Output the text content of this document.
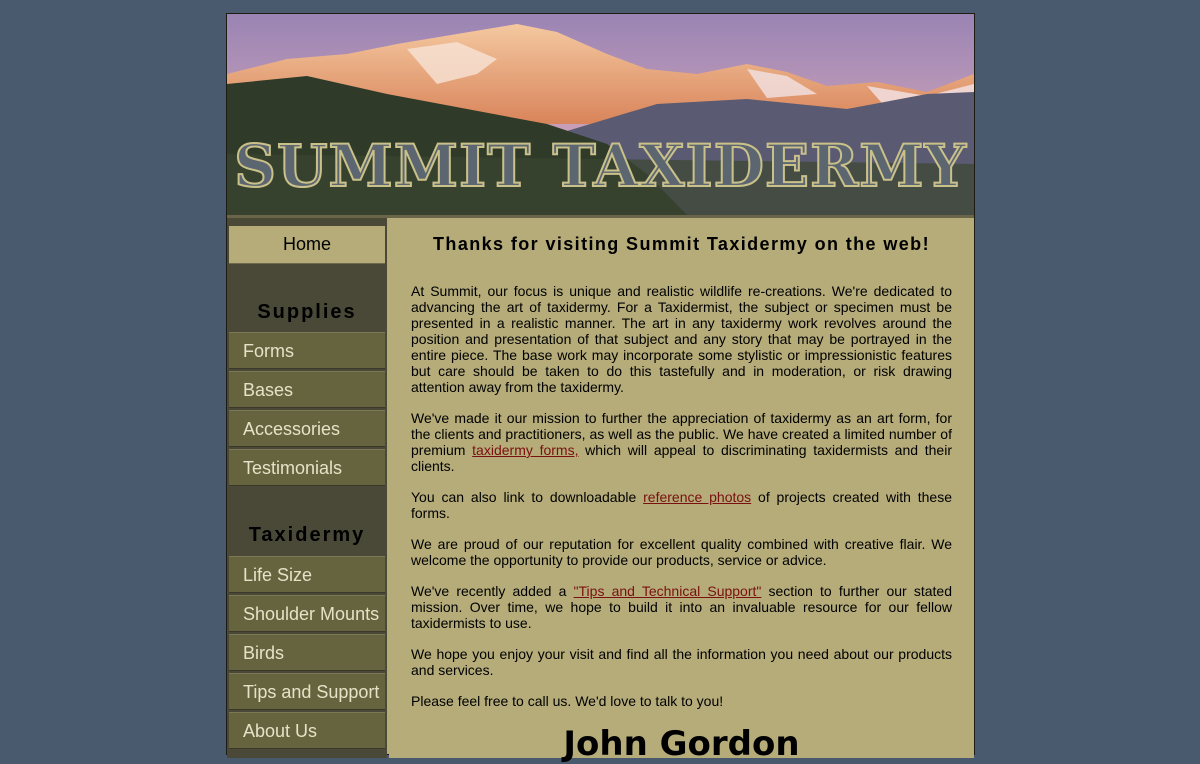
SUMMIT TAXIDERMY
Home
Supplies
Forms
Bases
Accessories
Testimonials
Taxidermy
Life Size
Shoulder Mounts
Birds
Tips and Support
About Us
Thanks for visiting Summit Taxidermy on the web!

At Summit, our focus is unique and realistic wildlife re-creations. We're dedicated to advancing the art of taxidermy. For a Taxidermist, the subject or specimen must be presented in a realistic manner. The art in any taxidermy work revolves around the position and presentation of that subject and any story that may be portrayed in the entire piece. The base work may incorporate some stylistic or impressionistic features but care should be taken to do this tastefully and in moderation, or risk drawing attention away from the taxidermy.

We've made it our mission to further the appreciation of taxidermy as an art form, for the clients and practitioners, as well as the public. We have created a limited number of premium taxidermy forms, which will appeal to discriminating taxidermists and their clients.

You can also link to downloadable reference photos of projects created with these forms.

We are proud of our reputation for excellent quality combined with creative flair. We welcome the opportunity to provide our products, service or advice.

We've recently added a "Tips and Technical Support" section to further our stated mission. Over time, we hope to build it into an invaluable resource for our fellow taxidermists to use.

We hope you enjoy your visit and find all the information you need about our products and services.

Please feel free to call us. We'd love to talk to you!

John Gordon
